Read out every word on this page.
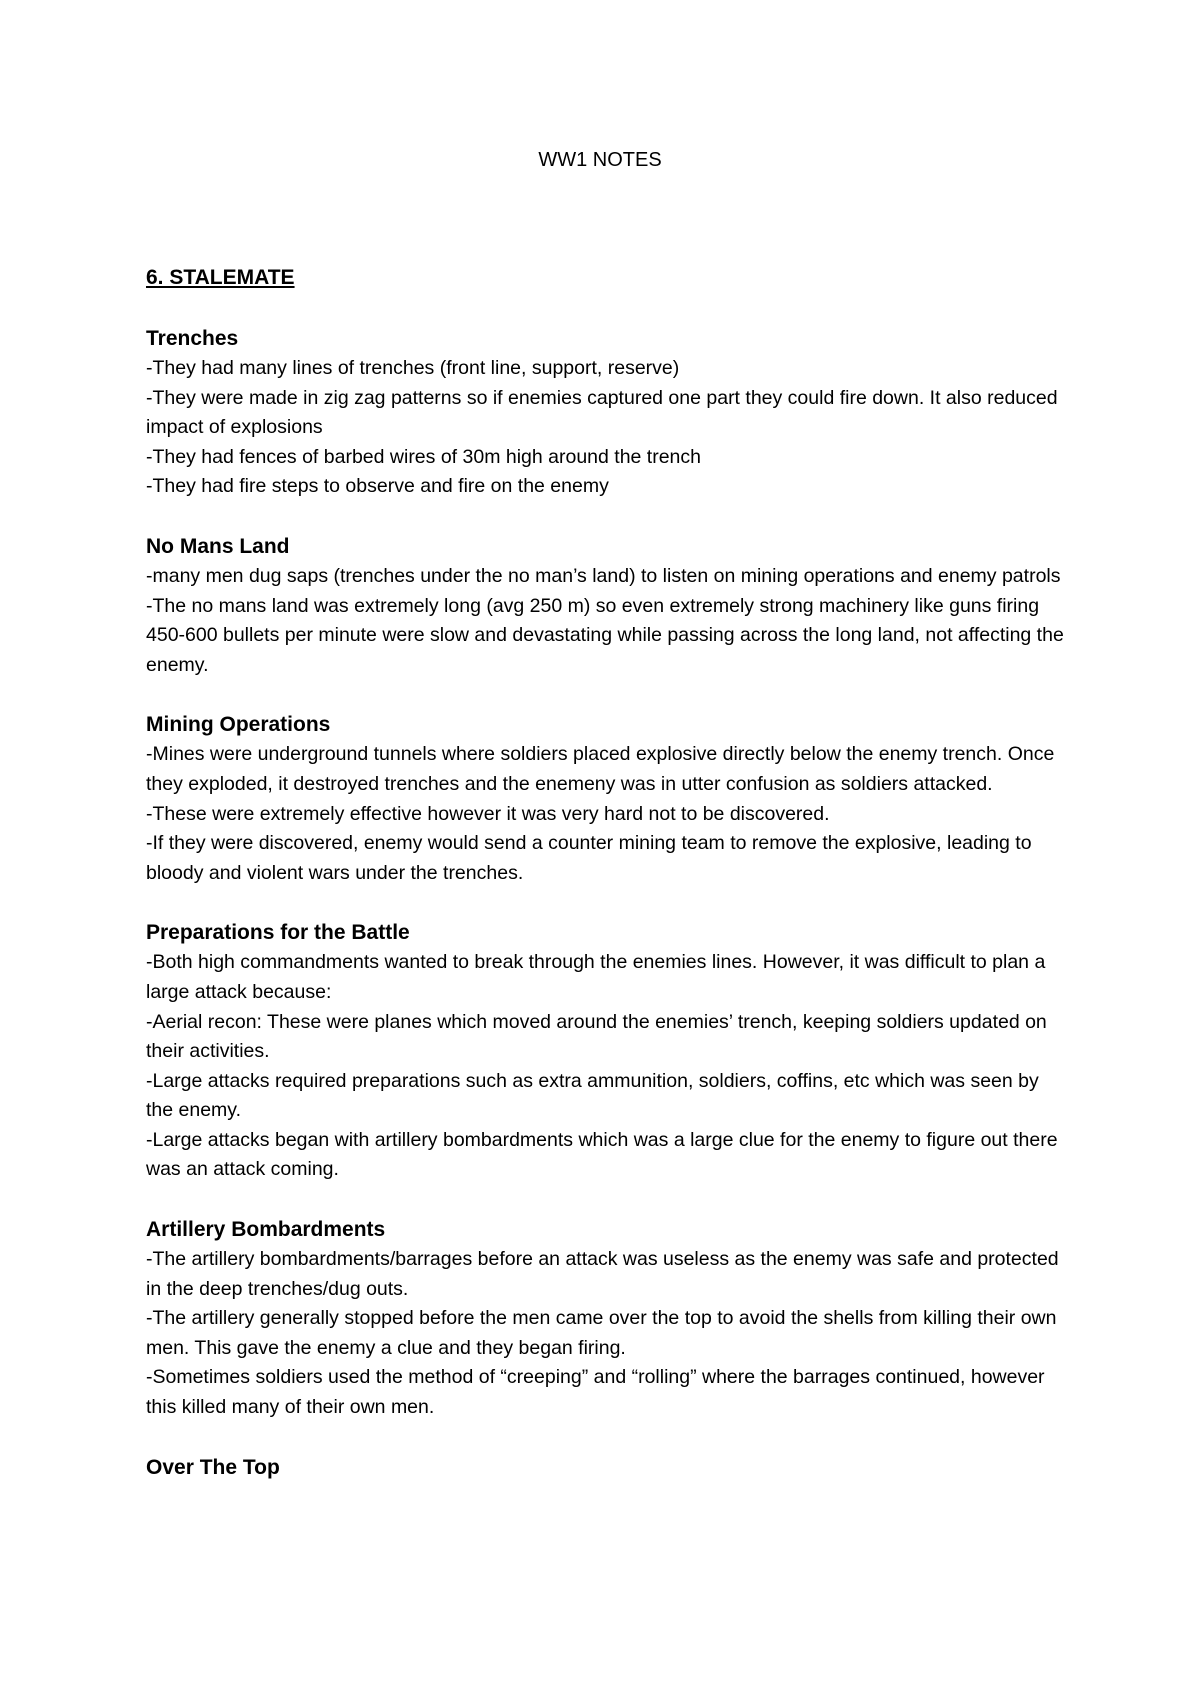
WW1 NOTES
6. STALEMATE
Trenches

-They had many lines of trenches (front line, support, reserve)

-They were made in zig zag patterns so if enemies captured one part they could fire down. It also reduced impact of explosions

-They had fences of barbed wires of 30m high around the trench

-They had fire steps to observe and fire on the enemy

No Mans Land

-many men dug saps (trenches under the no man’s land) to listen on mining operations and enemy patrols

-The no mans land was extremely long (avg 250 m) so even extremely strong machinery like guns firing 450-600 bullets per minute were slow and devastating while passing across the long land, not affecting the enemy.

Mining Operations

-Mines were underground tunnels where soldiers placed explosive directly below the enemy trench. Once they exploded, it destroyed trenches and the enemeny was in utter confusion as soldiers attacked.

-These were extremely effective however it was very hard not to be discovered.

-If they were discovered, enemy would send a counter mining team to remove the explosive, leading to bloody and violent wars under the trenches.

Preparations for the Battle

-Both high commandments wanted to break through the enemies lines. However, it was difficult to plan a large attack because:

-Aerial recon: These were planes which moved around the enemies’ trench, keeping soldiers updated on their activities.

-Large attacks required preparations such as extra ammunition, soldiers, coffins, etc which was seen by the enemy.

-Large attacks began with artillery bombardments which was a large clue for the enemy to figure out there was an attack coming.

Artillery Bombardments

-The artillery bombardments/barrages before an attack was useless as the enemy was safe and protected in the deep trenches/dug outs.

-The artillery generally stopped before the men came over the top to avoid the shells from killing their own men. This gave the enemy a clue and they began firing.

-Sometimes soldiers used the method of “creeping” and “rolling” where the barrages continued, however this killed many of their own men.

Over The Top
